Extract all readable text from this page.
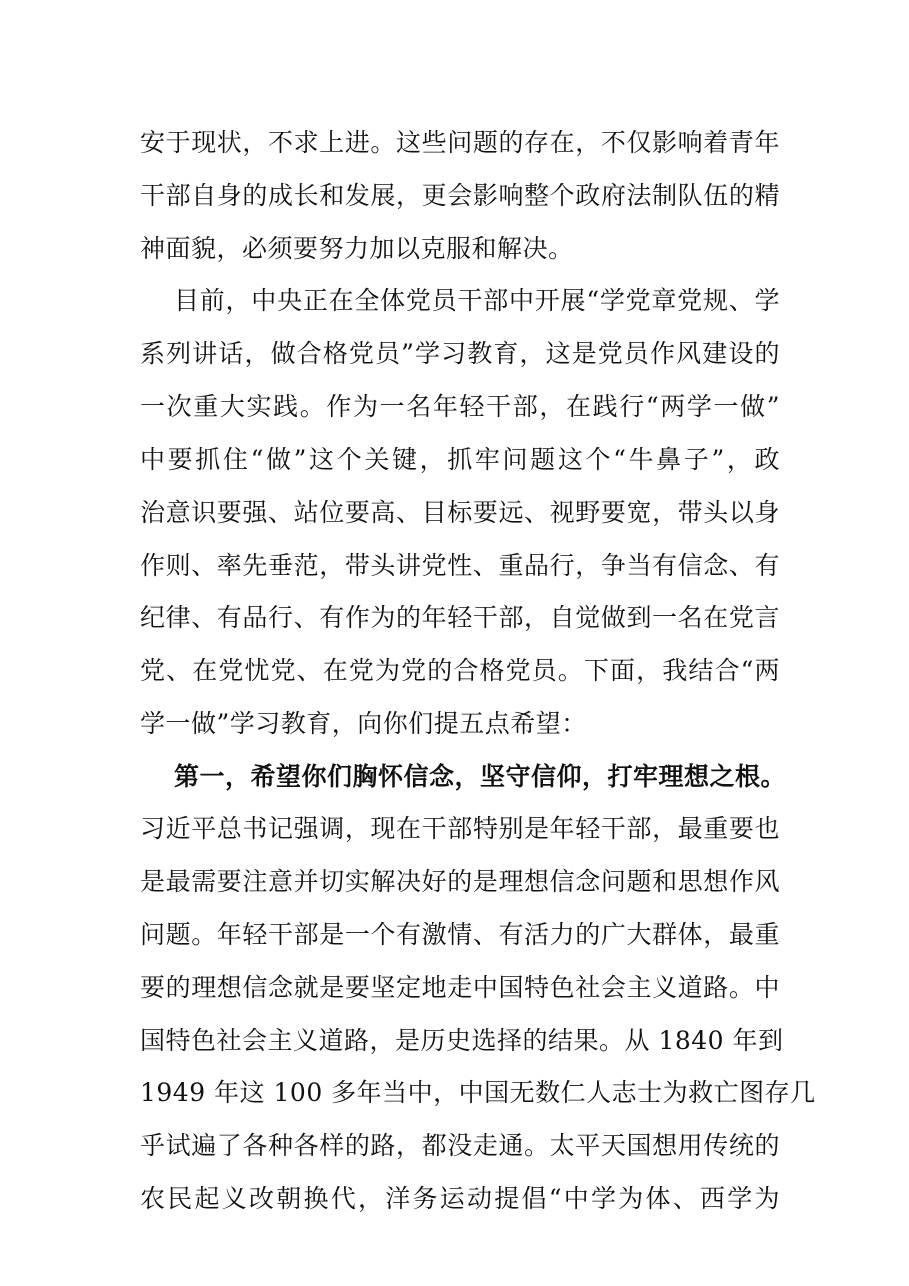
安于现状，不求上进。这些问题的存在，不仅影响着青年
干部自身的成长和发展，更会影响整个政府法制队伍的精
神面貌，必须要努力加以克服和解决。
目前，中央正在全体党员干部中开展“学党章党规、学
系列讲话，做合格党员”学习教育，这是党员作风建设的
一次重大实践。作为一名年轻干部，在践行“两学一做”
中要抓住“做”这个关键，抓牢问题这个“牛鼻子”，政
治意识要强、站位要高、目标要远、视野要宽，带头以身
作则、率先垂范，带头讲党性、重品行，争当有信念、有
纪律、有品行、有作为的年轻干部，自觉做到一名在党言
党、在党忧党、在党为党的合格党员。下面，我结合“两
学一做”学习教育，向你们提五点希望：
第一，希望你们胸怀信念，坚守信仰，打牢理想之根。
习近平总书记强调，现在干部特别是年轻干部，最重要也
是最需要注意并切实解决好的是理想信念问题和思想作风
问题。年轻干部是一个有激情、有活力的广大群体，最重
要的理想信念就是要坚定地走中国特色社会主义道路。中
国特色社会主义道路，是历史选择的结果。从 1840 年到
1949 年这 100 多年当中，中国无数仁人志士为救亡图存几
乎试遍了各种各样的路，都没走通。太平天国想用传统的
农民起义改朝换代，洋务运动提倡“中学为体、西学为
